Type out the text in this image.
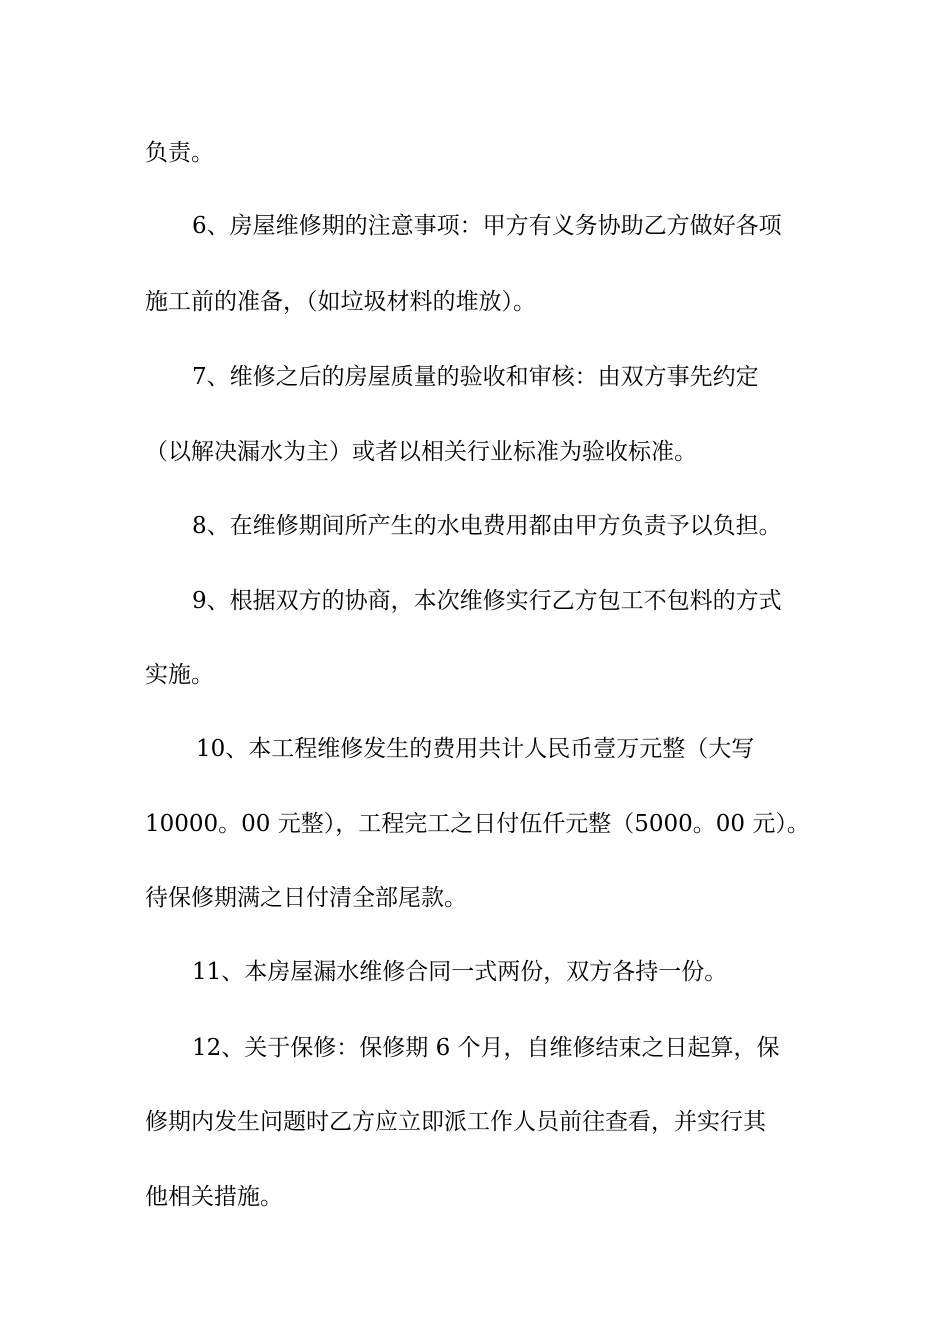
负责。
6、房屋维修期的注意事项：甲方有义务协助乙方做好各项
施工前的准备，（如垃圾材料的堆放）。
7、维修之后的房屋质量的验收和审核：由双方事先约定
（以解决漏水为主）或者以相关行业标准为验收标准。
8、在维修期间所产生的水电费用都由甲方负责予以负担。
9、根据双方的协商，本次维修实行乙方包工不包料的方式
实施。
10、本工程维修发生的费用共计人民币壹万元整（大写
10000。00 元整），工程完工之日付伍仟元整（5000。00 元）。
待保修期满之日付清全部尾款。
11、本房屋漏水维修合同一式两份，双方各持一份。
12、关于保修：保修期 6 个月，自维修结束之日起算，保
修期内发生问题时乙方应立即派工作人员前往查看，并实行其
他相关措施。
